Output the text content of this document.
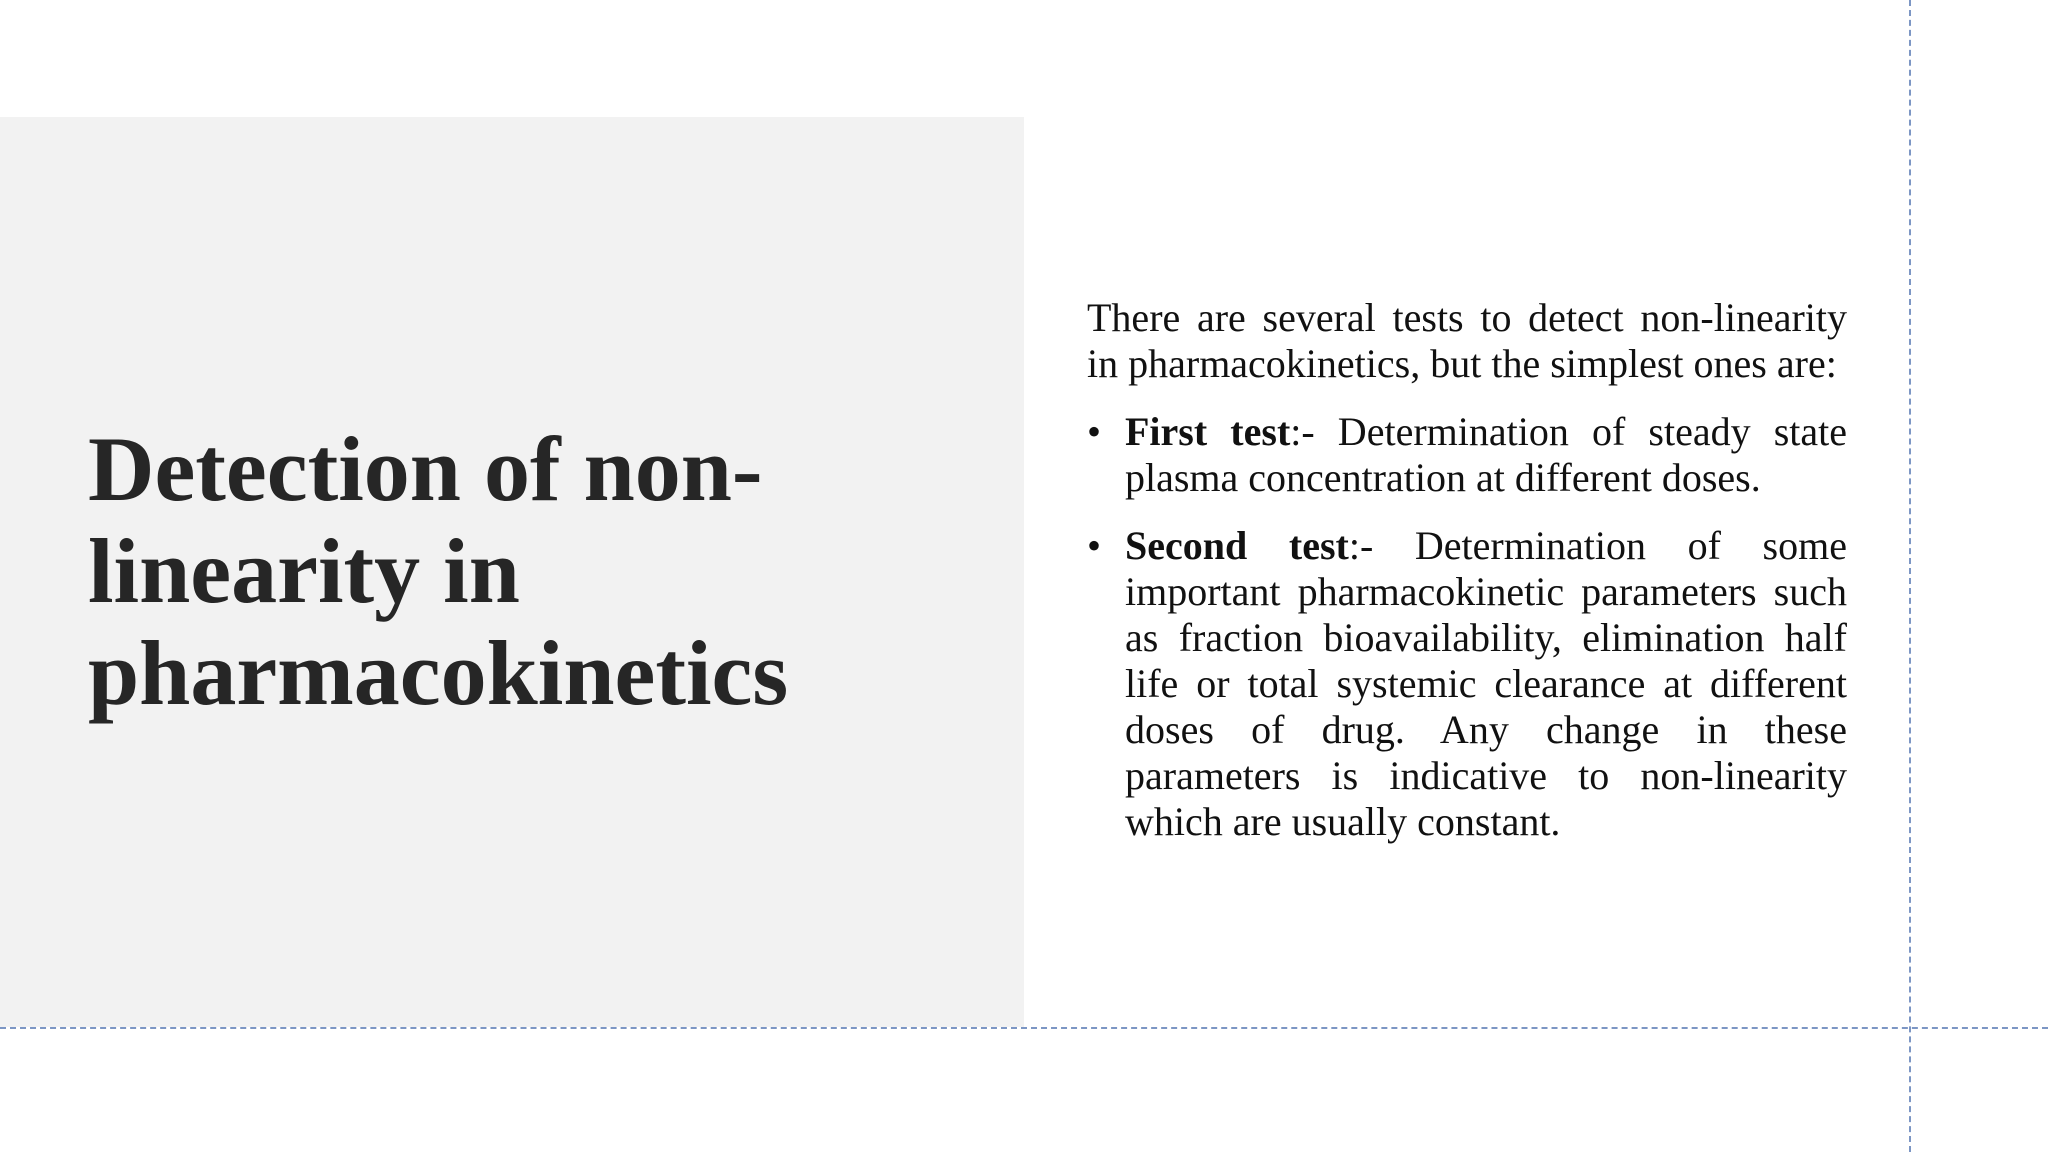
Detection of non-linearity in pharmacokinetics

There are several tests to detect non-linearity in pharmacokinetics, but the simplest ones are:

• First test:- Determination of steady state plasma concentration at different doses.
• Second test:- Determination of some important pharmacokinetic parameters such as fraction bioavailability, elimination half life or total systemic clearance at different doses of drug. Any change in these parameters is indicative to non-linearity which are usually constant.
